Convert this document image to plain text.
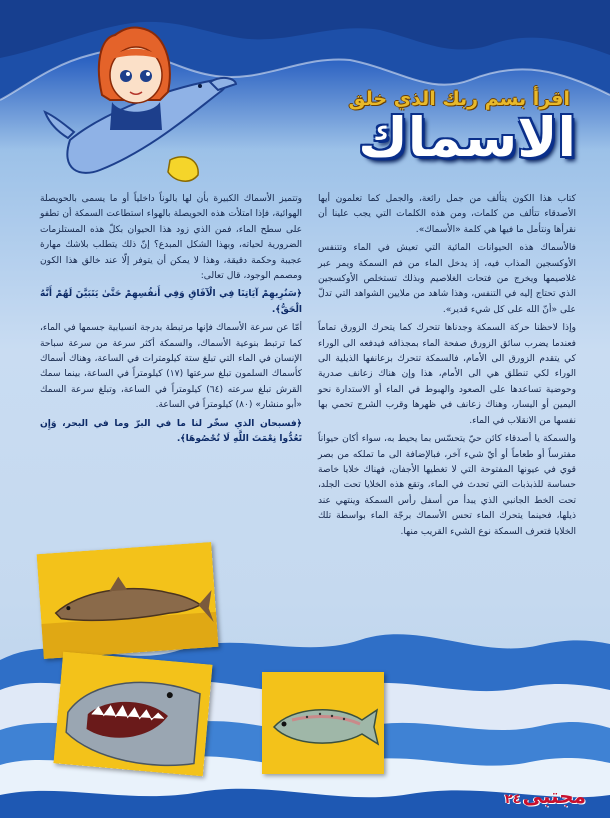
اقرأ بسم ربك الذي خلق
الاسماك

كتاب هذا الكون يتألف من جمل رائعة، والجمل كما تعلمون أيها الأصدقاء تتألف من كلمات، ومن هذه الكلمات التي يجب علينا أن نقرأها ونتأمل ما فيها هي كلمة «الأسماك».

فالأسماك هذه الحيوانات المائية التي تعيش في الماء وتتنفس الأوكسجين المذاب فيه، إذ يدخل الماء من فم السمكة ويمر عبر غلاصيمها ويخرج من فتحات الغلاصيم وبذلك تستخلص الأوكسجين الذي تحتاج إليه في التنفس، وهذا شاهد من ملايين الشواهد التي تدلّ على «أنّ الله على كل شيء قدير».

وإذا لاحظنا حركة السمكة وجدناها تتحرك كما يتحرك الزورق تماماً فعندما يضرب سائق الزورق صفحة الماء بمجذافه فيدفعه الى الوراء كي يتقدم الزورق الى الأمام، فالسمكة تتحرك بزعانفها الذيلية الى الوراء لكي تنطلق هي الى الأمام، هذا وإن هناك زعانف صدرية وحوضية تساعدها على الصعود والهبوط في الماء أو الاستدارة نحو اليمين أو اليسار، وهناك زعانف في ظهرها وقرب الشرج تحمي بها نفسها من الانقلاب في الماء.

والسمكة يا أصدقاء كائن حيّ يتحسّس بما يحيط به، سواء أكان حيواناً مفترساً أو طعاماً أو أيّ شيء آخر، فبالإضافة الى ما تملكه من بصر قوي في عيونها المفتوحة التي لا تغطيها الأجفان، فهناك خلايا خاصة حساسة للذبذبات التي تحدث في الماء، وتقع هذه الخلايا تحت الجلد، تحت الخط الجانبي الذي يبدأ من أسفل رأس السمكة وينتهي عند ذيلها، فحينما يتحرك الماء تحس الأسماك برجّة الماء بواسطة تلك الخلايا فتعرف السمكة نوع الشيء القريب منها.

وتتميز الأسماك الكبيرة بأن لها بالوناً داخلياً أو ما يسمى بالحويصلة الهوائية، فإذا امتلأت هذه الحويصلة بالهواء استطاعت السمكة أن تطفو على سطح الماء، فمن الذي زود هذا الحيوان بكلّ هذه المستلزمات الضرورية لحياته، وبهذا الشكل المبدع؟ إنّ ذلك يتطلب بلاشك مهارة عجيبة وحكمة دقيقة، وهذا لا يمكن أن يتوفر إلّا عند خالق هذا الكون ومصمم الوجود، قال تعالى:

﴿سَنُرِيهِمْ آيَاتِنَا فِي الْآفَاقِ وَفِي أَنفُسِهِمْ حَتَّىٰ يَتَبَيَّنَ لَهُمْ أَنَّهُ الْحَقُّ﴾.

أمّا عن سرعة الأسماك فإنها مرتبطة بدرجة انسيابية جسمها في الماء، كما ترتبط بنوعية الأسماك، والسمكة أكثر سرعة من سرعة سباحة الإنسان في الماء التي تبلغ ستة كيلومترات في الساعة، وهناك أسماك كأسماك السلمون تبلغ سرعتها (١٧) كيلومتراً في الساعة، بينما سمك القرش تبلغ سرعته (٦٤) كيلومتراً في الساعة، وتبلغ سرعة السمك «أبو منشار» (٨٠) كيلومتراً في الساعة.

﴿فسبحان الذي سخّر لنا ما في البرّ وما في البحر، وَإِن تَعُدُّوا نِعْمَتَ اللَّهِ لَا تُحْصُوهَا﴾.

مجتبى٢٤
